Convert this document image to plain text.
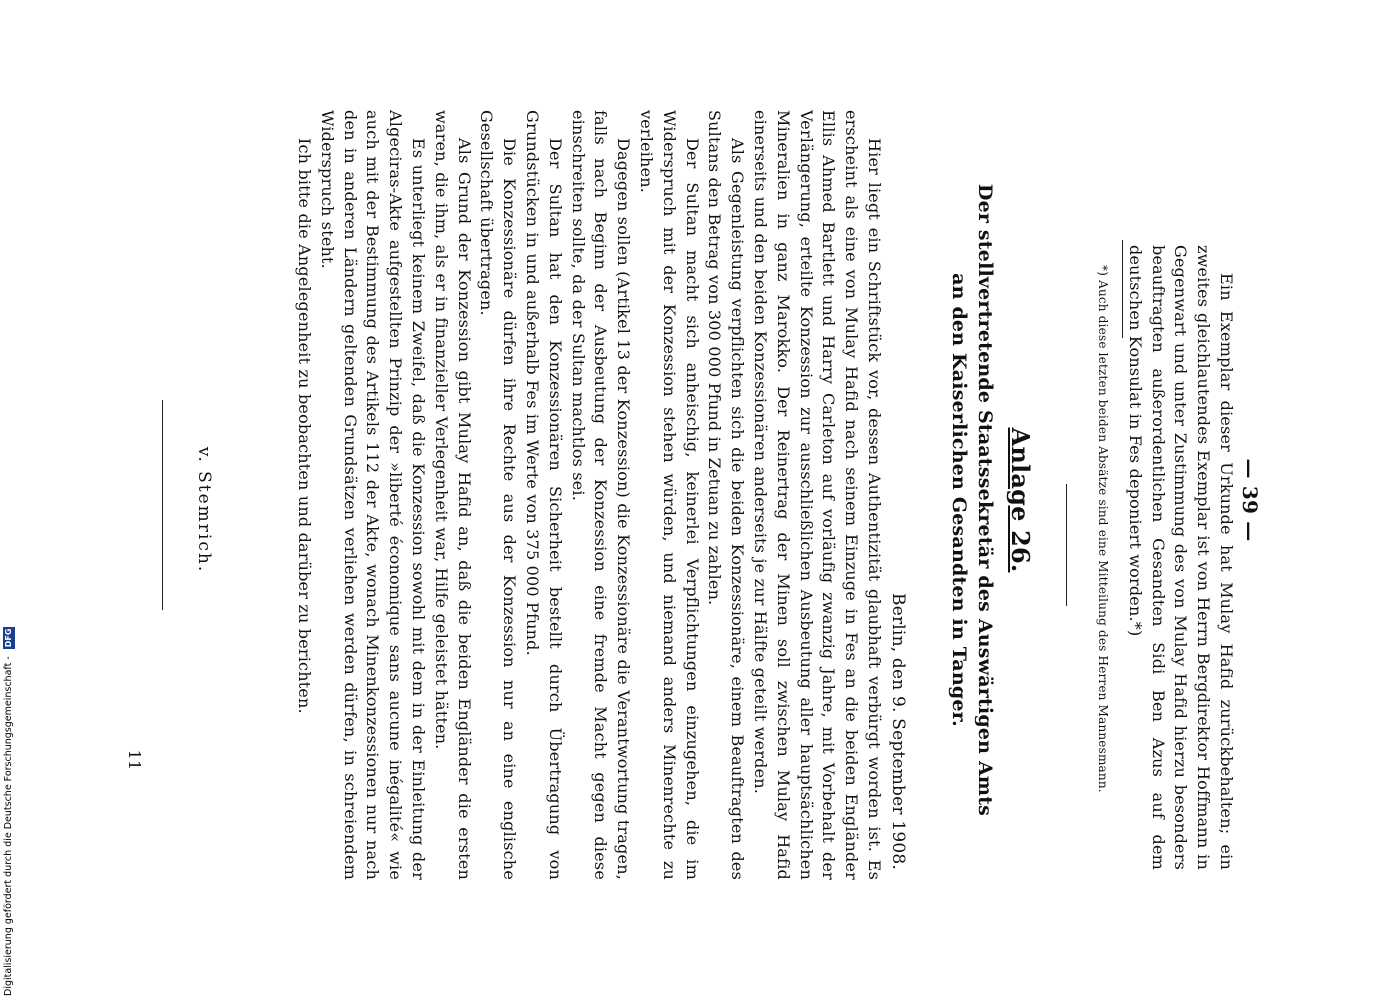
— 39 —

Ein Exemplar dieser Urkunde hat Mulay Hafid zurückbehalten; ein zweites gleichlautendes Exemplar ist von Herrn Bergdirektor Hoffmann in Gegenwart und unter Zustimmung des von Mulay Hafid hierzu besonders beauftragten außerordentlichen Gesandten Sidi Ben Azus auf dem deutschen Konsulat in Fes deponiert worden.*)

*) Auch diese letzten beiden Absätze sind eine Mitteilung des Herren Mannesmann.
Anlage 26.
Der stellvertretende Staatssekretär des Auswärtigen Amts
an den Kaiserlichen Gesandten in Tanger.
Berlin, den 9. September 1908.

Hier liegt ein Schriftstück vor, dessen Authentizität glaubhaft verbürgt worden ist. Es erscheint als eine von Mulay Hafid nach seinem Einzuge in Fes an die beiden Engländer Ellis Ahmed Bartlett und Harry Carleton auf vorläufig zwanzig Jahre, mit Vorbehalt der Verlängerung, erteilte Konzession zur ausschließlichen Ausbeutung aller hauptsächlichen Mineralien in ganz Marokko. Der Reinertrag der Minen soll zwischen Mulay Hafid einerseits und den beiden Konzessionären anderseits je zur Hälfte geteilt werden.

Als Gegenleistung verpflichten sich die beiden Konzessionäre, einem Beauftragten des Sultans den Betrag von 300 000 Pfund in Zetuan zu zahlen.

Der Sultan macht sich anheischig, keinerlei Verpflichtungen einzugehen, die im Widerspruch mit der Konzession stehen würden, und niemand anders Minenrechte zu verleihen.

Dagegen sollen (Artikel 13 der Konzession) die Konzessionäre die Verantwortung tragen, falls nach Beginn der Ausbeutung der Konzession eine fremde Macht gegen diese einschreiten sollte, da der Sultan machtlos sei.

Der Sultan hat den Konzessionären Sicherheit bestellt durch Übertragung von Grundstücken in und außerhalb Fes im Werte von 375 000 Pfund.

Die Konzessionäre dürfen ihre Rechte aus der Konzession nur an eine englische Gesellschaft übertragen.

Als Grund der Konzession gibt Mulay Hafid an, daß die beiden Engländer die ersten waren, die ihm, als er in finanzieller Verlegenheit war, Hilfe geleistet hätten.

Es unterliegt keinem Zweifel, daß die Konzession sowohl mit dem in der Einleitung der Algeciras-Akte aufgestellten Prinzip der »liberté économique sans aucune inégalité« wie auch mit der Bestimmung des Artikels 112 der Akte, wonach Minenkonzessionen nur nach den in anderen Ländern geltenden Grundsätzen verliehen werden dürfen, in schreiendem Widerspruch steht.

Ich bitte die Angelegenheit zu beobachten und darüber zu berichten.

v. Stemrich.
11
Digitalisierung gefördert durch die Deutsche Forschungsgemeinschaft - DFG
